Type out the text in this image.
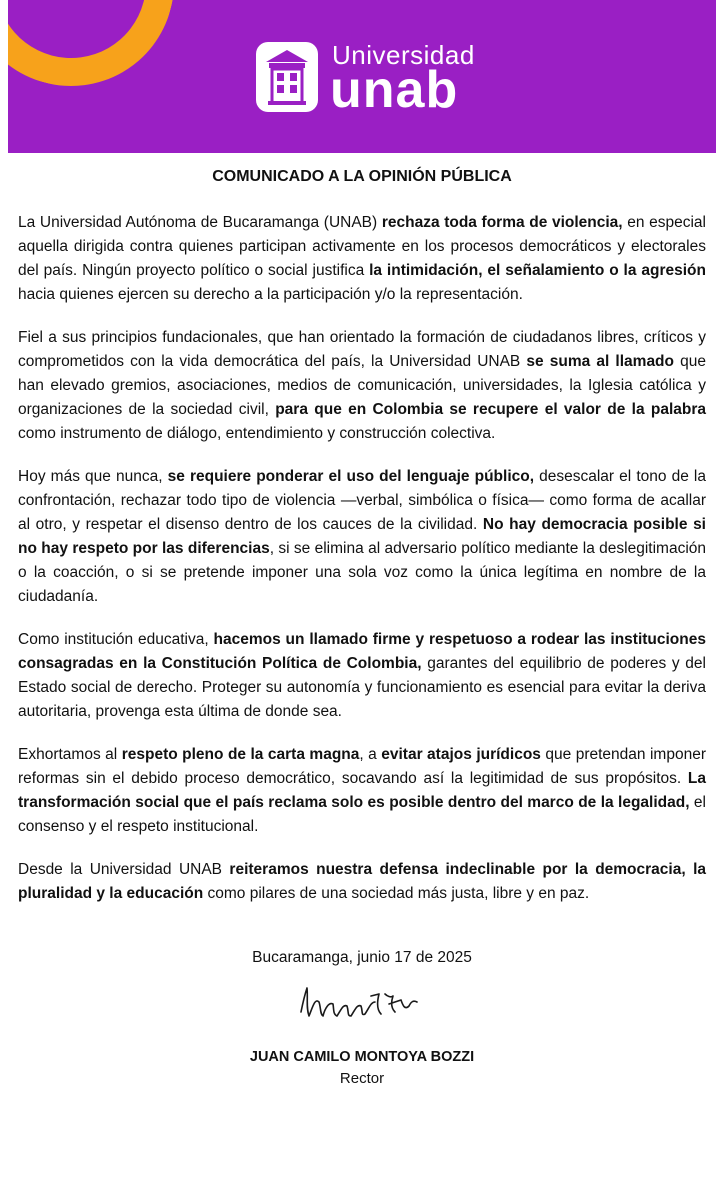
Universidad
unab
COMUNICADO A LA OPINIÓN PÚBLICA

La Universidad Autónoma de Bucaramanga (UNAB) rechaza toda forma de violencia, en especial aquella dirigida contra quienes participan activamente en los procesos democráticos y electorales del país. Ningún proyecto político o social justifica la intimidación, el señalamiento o la agresión hacia quienes ejercen su derecho a la participación y/o la representación.

Fiel a sus principios fundacionales, que han orientado la formación de ciudadanos libres, críticos y comprometidos con la vida democrática del país, la Universidad UNAB se suma al llamado que han elevado gremios, asociaciones, medios de comunicación, universidades, la Iglesia católica y organizaciones de la sociedad civil, para que en Colombia se recupere el valor de la palabra como instrumento de diálogo, entendimiento y construcción colectiva.

Hoy más que nunca, se requiere ponderar el uso del lenguaje público, desescalar el tono de la confrontación, rechazar todo tipo de violencia —verbal, simbólica o física— como forma de acallar al otro, y respetar el disenso dentro de los cauces de la civilidad. No hay democracia posible si no hay respeto por las diferencias, si se elimina al adversario político mediante la deslegitimación o la coacción, o si se pretende imponer una sola voz como la única legítima en nombre de la ciudadanía.

Como institución educativa, hacemos un llamado firme y respetuoso a rodear las instituciones consagradas en la Constitución Política de Colombia, garantes del equilibrio de poderes y del Estado social de derecho. Proteger su autonomía y funcionamiento es esencial para evitar la deriva autoritaria, provenga esta última de donde sea.

Exhortamos al respeto pleno de la carta magna, a evitar atajos jurídicos que pretendan imponer reformas sin el debido proceso democrático, socavando así la legitimidad de sus propósitos. La transformación social que el país reclama solo es posible dentro del marco de la legalidad, el consenso y el respeto institucional.

Desde la Universidad UNAB reiteramos nuestra defensa indeclinable por la democracia, la pluralidad y la educación como pilares de una sociedad más justa, libre y en paz.

Bucaramanga, junio 17 de 2025
JUAN CAMILO MONTOYA BOZZI
Rector
